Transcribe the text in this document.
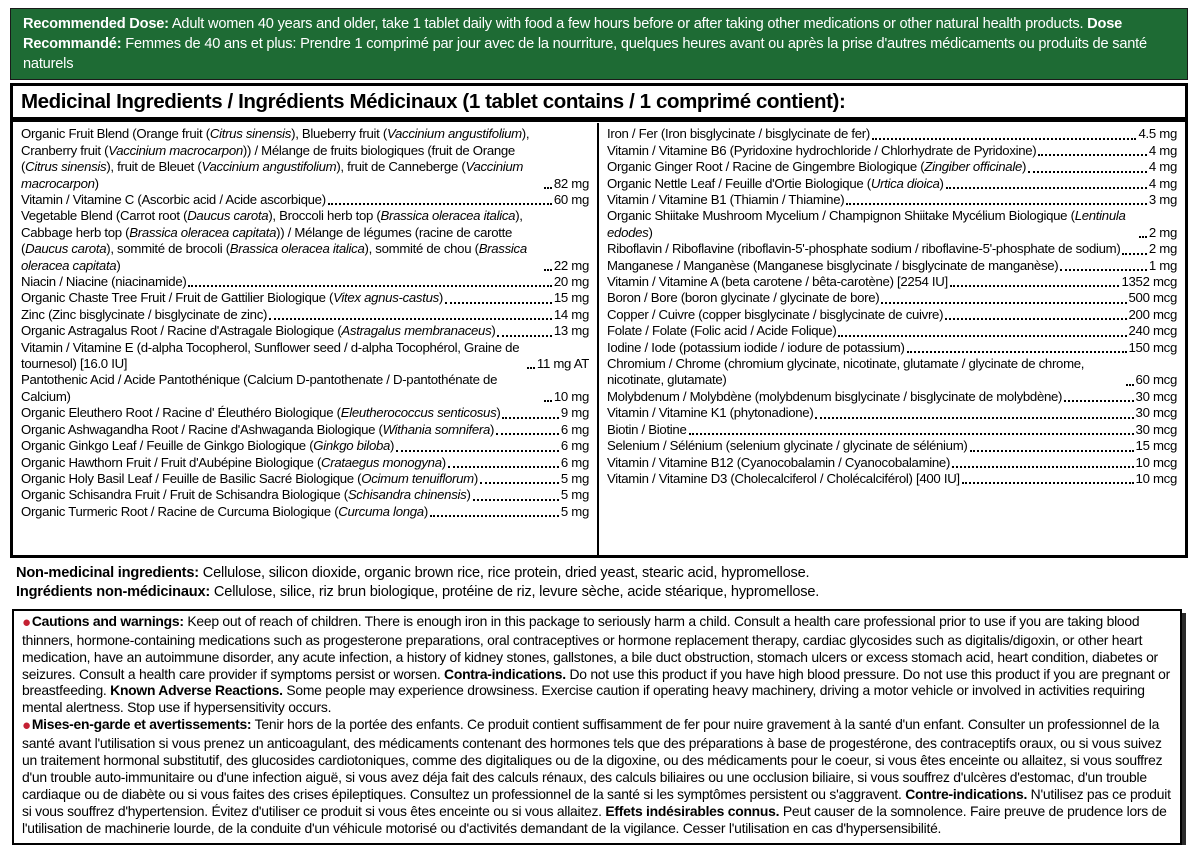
Recommended Dose: Adult women 40 years and older, take 1 tablet daily with food a few hours before or after taking other medications or other natural health products. Dose Recommandé: Femmes de 40 ans et plus: Prendre 1 comprimé par jour avec de la nourriture, quelques heures avant ou après la prise d'autres médicaments ou produits de santé naturels
Medicinal Ingredients / Ingrédients Médicinaux (1 tablet contains / 1 comprimé contient):
Organic Fruit Blend (Orange fruit (Citrus sinensis), Blueberry fruit (Vaccinium angustifolium), Cranberry fruit (Vaccinium macrocarpon)) / Mélange de fruits biologiques (fruit de Orange (Citrus sinensis), fruit de Bleuet (Vaccinium angustifolium), fruit de Canneberge (Vaccinium macrocarpon)	82 mg
Vitamin / Vitamine C (Ascorbic acid / Acide ascorbique)	60 mg
Vegetable Blend (Carrot root (Daucus carota), Broccoli herb top (Brassica oleracea italica), Cabbage herb top (Brassica oleracea capitata)) / Mélange de légumes (racine de carotte (Daucus carota), sommité de brocoli (Brassica oleracea italica), sommité de chou (Brassica oleracea capitata)	22 mg
Niacin / Niacine (niacinamide)	20 mg
Organic Chaste Tree Fruit / Fruit de Gattilier Biologique (Vitex agnus-castus)	15 mg
Zinc (Zinc bisglycinate / bisglycinate de zinc)	14 mg
Organic Astragalus Root / Racine d'Astragale Biologique (Astragalus membranaceus)	13 mg
Vitamin / Vitamine E (d-alpha Tocopherol, Sunflower seed / d-alpha Tocophérol, Graine de tournesol) [16.0 IU]	11 mg AT
Pantothenic Acid / Acide Pantothénique (Calcium D-pantothenate / D-pantothénate de Calcium)	10 mg
Organic Eleuthero Root / Racine d' Éleuthéro Biologique (Eleutherococcus senticosus)	9 mg
Organic Ashwagandha Root / Racine d'Ashwaganda Biologique (Withania somnifera)	6 mg
Organic Ginkgo Leaf / Feuille de Ginkgo Biologique (Ginkgo biloba)	6 mg
Organic Hawthorn Fruit / Fruit d'Aubépine Biologique (Crataegus monogyna)	6 mg
Organic Holy Basil Leaf / Feuille de Basilic Sacré Biologique (Ocimum tenuiflorum)	5 mg
Organic Schisandra Fruit / Fruit de Schisandra Biologique (Schisandra chinensis)	5 mg
Organic Turmeric Root / Racine de Curcuma Biologique (Curcuma longa)	5 mg
Iron / Fer (Iron bisglycinate / bisglycinate de fer)	4.5 mg
Vitamin / Vitamine B6 (Pyridoxine hydrochloride / Chlorhydrate de Pyridoxine)	4 mg
Organic Ginger Root / Racine de Gingembre Biologique (Zingiber officinale)	4 mg
Organic Nettle Leaf / Feuille d'Ortie Biologique (Urtica dioica)	4 mg
Vitamin / Vitamine B1 (Thiamin / Thiamine)	3 mg
Organic Shiitake Mushroom Mycelium / Champignon Shiitake Mycélium Biologique (Lentinula edodes)	2 mg
Riboflavin / Riboflavine (riboflavin-5'-phosphate sodium / riboflavine-5'-phosphate de sodium) 2 mg
Manganese / Manganèse (Manganese bisglycinate / bisglycinate de manganèse)	1 mg
Vitamin / Vitamine A (beta carotene / bêta-carotène) [2254 IU]	1352 mcg
Boron / Bore (boron glycinate / glycinate de bore)	500 mcg
Copper / Cuivre (copper bisglycinate / bisglycinate de cuivre)	200 mcg
Folate / Folate (Folic acid / Acide Folique)	240 mcg
Iodine / Iode (potassium iodide / iodure de potassium)	150 mcg
Chromium / Chrome (chromium glycinate, nicotinate, glutamate / glycinate de chrome, nicotinate, glutamate)	60 mcg
Molybdenum / Molybdène (molybdenum bisglycinate / bisglycinate de molybdène)	30 mcg
Vitamin / Vitamine K1 (phytonadione)	30 mcg
Biotin / Biotine	30 mcg
Selenium / Sélénium (selenium glycinate / glycinate de sélénium)	15 mcg
Vitamin / Vitamine B12 (Cyanocobalamin / Cyanocobalamine)	10 mcg
Vitamin / Vitamine D3 (Cholecalciferol / Cholécalciférol) [400 IU]	10 mcg
Non-medicinal ingredients: Cellulose, silicon dioxide, organic brown rice, rice protein, dried yeast, stearic acid, hypromellose.
Ingrédients non-médicinaux: Cellulose, silice, riz brun biologique, protéine de riz, levure sèche, acide stéarique, hypromellose.

●Cautions and warnings: Keep out of reach of children. There is enough iron in this package to seriously harm a child. Consult a health care professional prior to use if you are taking blood thinners, hormone-containing medications such as progesterone preparations, oral contraceptives or hormone replacement therapy, cardiac glycosides such as digitalis/digoxin, or other heart medication, have an autoimmune disorder, any acute infection, a history of kidney stones, gallstones, a bile duct obstruction, stomach ulcers or excess stomach acid, heart condition, diabetes or seizures. Consult a health care provider if symptoms persist or worsen. Contra-indications. Do not use this product if you have high blood pressure. Do not use this product if you are pregnant or breastfeeding. Known Adverse Reactions. Some people may experience drowsiness. Exercise caution if operating heavy machinery, driving a motor vehicle or involved in activities requiring mental alertness. Stop use if hypersensitivity occurs.

●Mises-en-garde et avertissements: Tenir hors de la portée des enfants. Ce produit contient suffisamment de fer pour nuire gravement à la santé d'un enfant. Consulter un professionnel de la santé avant l'utilisation si vous prenez un anticoagulant, des médicaments contenant des hormones tels que des préparations à base de progestérone, des contraceptifs oraux, ou si vous suivez un traitement hormonal substitutif, des glucosides cardiotoniques, comme des digitaliques ou de la digoxine, ou des médicaments pour le coeur, si vous êtes enceinte ou allaitez, si vous souffrez d'un trouble auto-immunitaire ou d'une infection aiguë, si vous avez déja fait des calculs rénaux, des calculs biliaires ou une occlusion biliaire, si vous souffrez d'ulcères d'estomac, d'un trouble cardiaque ou de diabète ou si vous faites des crises épileptiques. Consultez un professionnel de la santé si les symptômes persistent ou s'aggravent. Contre-indications. N'utilisez pas ce produit si vous souffrez d'hypertension. Évitez d'utiliser ce produit si vous êtes enceinte ou si vous allaitez. Effets indésirables connus. Peut causer de la somnolence. Faire preuve de prudence lors de l'utilisation de machinerie lourde, de la conduite d'un véhicule motorisé ou d'activités demandant de la vigilance. Cesser l'utilisation en cas d'hypersensibilité.
